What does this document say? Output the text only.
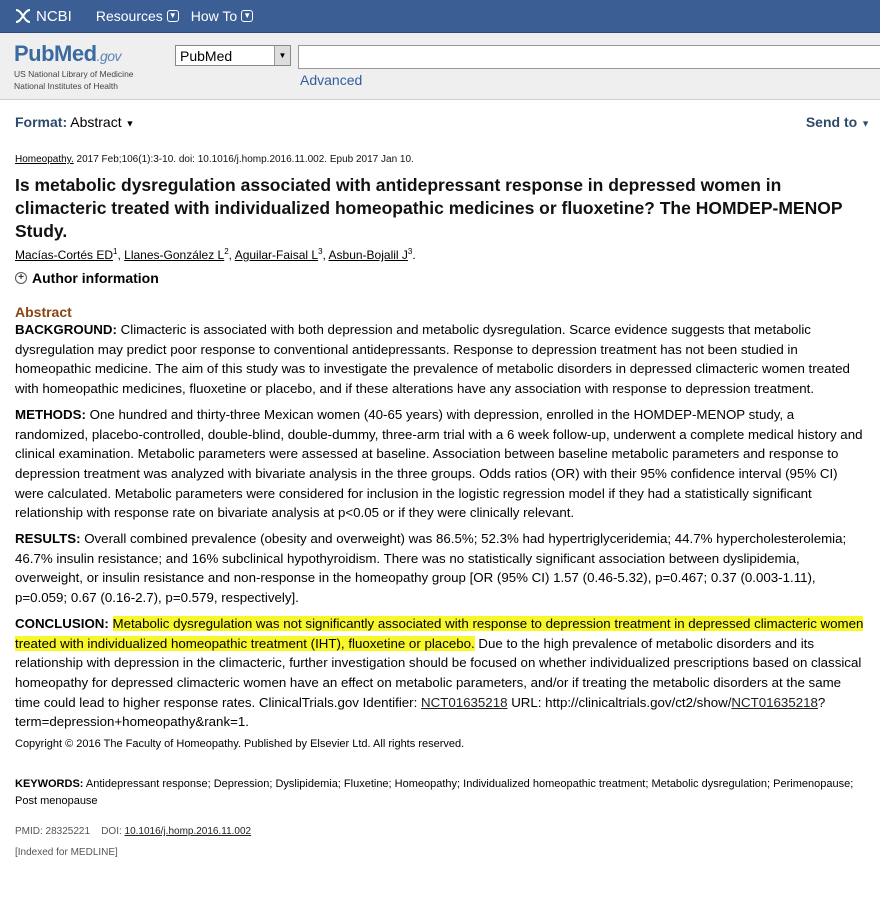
NCBI Resources ▼ How To ▼
PubMed.gov
US National Library of Medicine
National Institutes of Health
PubMed	▼
Advanced
Format: Abstract ▼	Send to ▼
Homeopathy. 2017 Feb;106(1):3-10. doi: 10.1016/j.homp.2016.11.002. Epub 2017 Jan 10.
Is metabolic dysregulation associated with antidepressant response in depressed women in climacteric treated with individualized homeopathic medicines or fluoxetine? The HOMDEP-MENOP Study.
Macías-Cortés $ED^1$, Llanes-González $L^2$, Aguilar-Faisal $L^3$, Asbun-Bojalil $J^3$.
+ Author information
Abstract

BACKGROUND: Climacteric is associated with both depression and metabolic dysregulation. Scarce evidence suggests that metabolic dysregulation may predict poor response to conventional antidepressants. Response to depression treatment has not been studied in homeopathic medicine. The aim of this study was to investigate the prevalence of metabolic disorders in depressed climacteric women treated with homeopathic medicines, fluoxetine or placebo, and if these alterations have any association with response to depression treatment.

METHODS: One hundred and thirty-three Mexican women (40-65 years) with depression, enrolled in the HOMDEP-MENOP study, a randomized, placebo-controlled, double-blind, double-dummy, three-arm trial with a 6 week follow-up, underwent a complete medical history and clinical examination. Metabolic parameters were assessed at baseline. Association between baseline metabolic parameters and response to depression treatment was analyzed with bivariate analysis in the three groups. Odds ratios (OR) with their 95% confidence interval (95% CI) were calculated. Metabolic parameters were considered for inclusion in the logistic regression model if they had a statistically significant relationship with response rate on bivariate analysis at p<0.05 or if they were clinically relevant.

RESULTS: Overall combined prevalence (obesity and overweight) was 86.5%; 52.3% had hypertriglyceridemia; 44.7% hypercholesterolemia; 46.7% insulin resistance; and 16% subclinical hypothyroidism. There was no statistically significant association between dyslipidemia, overweight, or insulin resistance and non-response in the homeopathy group [OR (95% CI) 1.57 (0.46-5.32), p=0.467; 0.37 (0.003-1.11), p=0.059; 0.67 (0.16-2.7), p=0.579, respectively].

CONCLUSION: Metabolic dysregulation was not significantly associated with response to depression treatment in depressed climacteric women treated with individualized homeopathic treatment (IHT), fluoxetine or placebo. Due to the high prevalence of metabolic disorders and its relationship with depression in the climacteric, further investigation should be focused on whether individualized prescriptions based on classical homeopathy for depressed climacteric women have an effect on metabolic parameters, and/or if treating the metabolic disorders at the same time could lead to higher response rates. ClinicalTrials.gov Identifier: NCT01635218 URL: http://clinicaltrials.gov/ct2/show/NCT01635218?term=depression+homeopathy&rank=1.

Copyright © 2016 The Faculty of Homeopathy. Published by Elsevier Ltd. All rights reserved.
KEYWORDS: Antidepressant response; Depression; Dyslipidemia; Fluxetine; Homeopathy; Individualized homeopathic treatment; Metabolic dysregulation; Perimenopause; Post menopause
PMID: 28325221 DOI: 10.1016/j.homp.2016.11.002
[Indexed for MEDLINE]
